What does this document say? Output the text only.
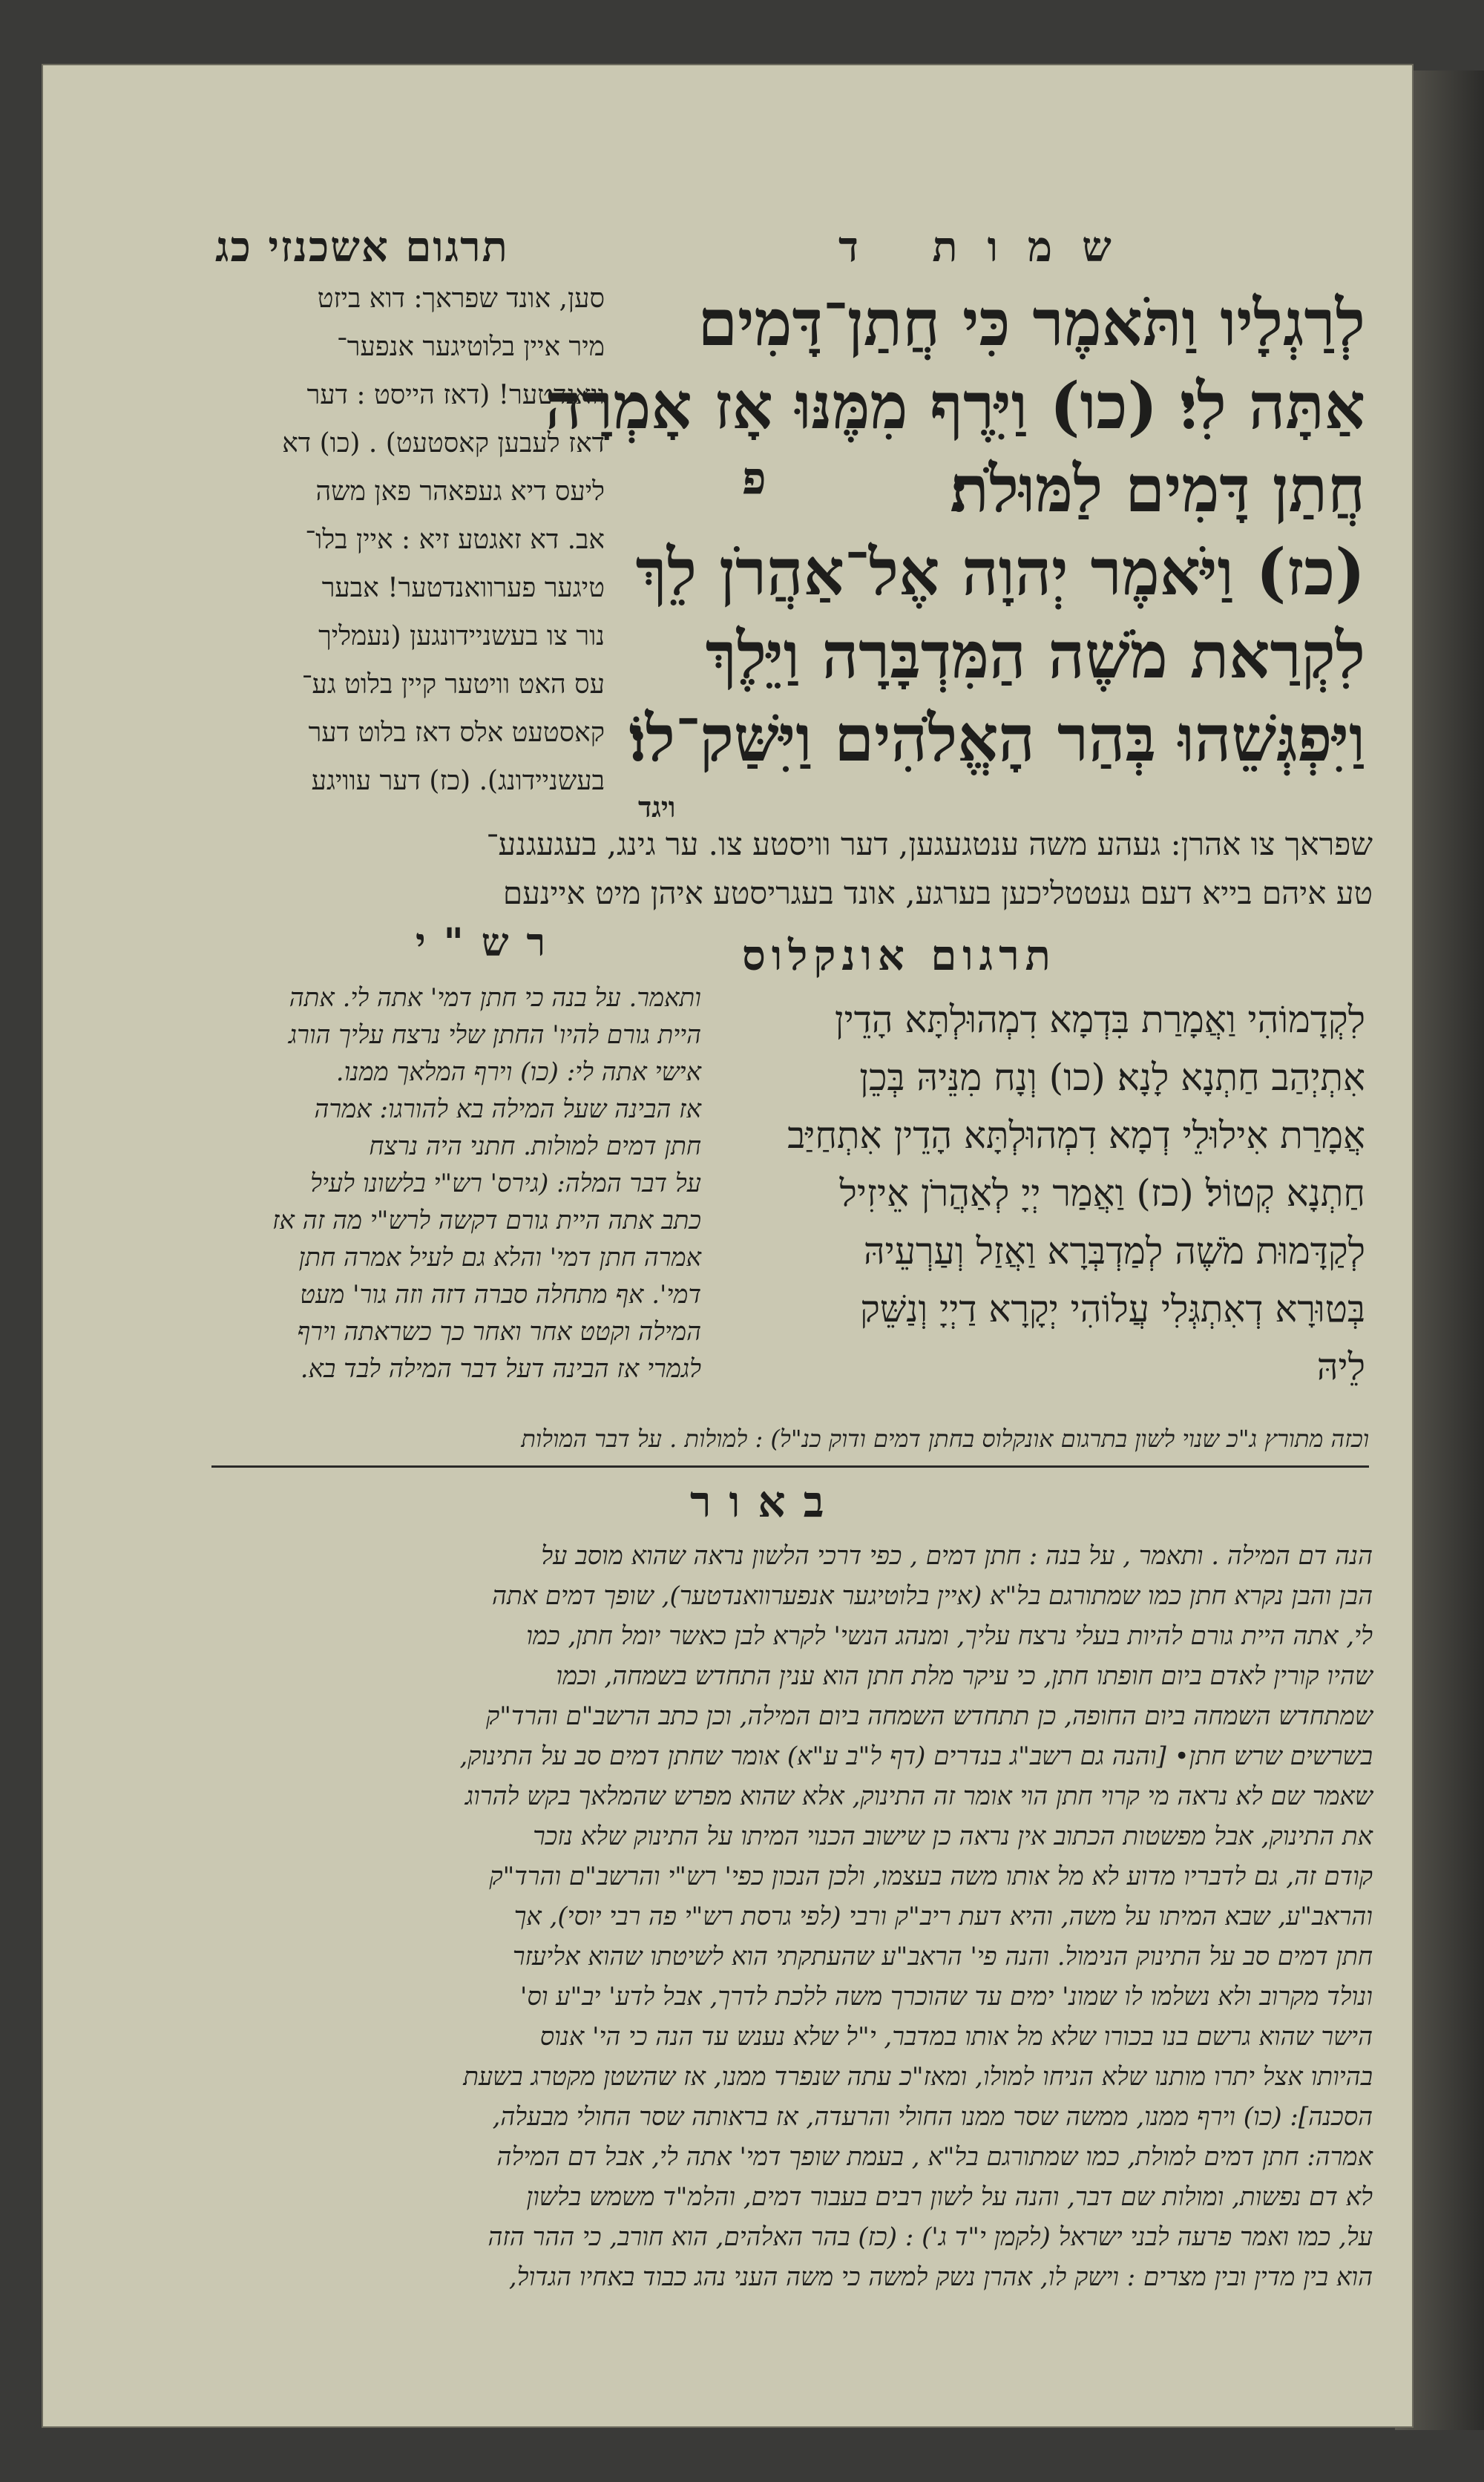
שמות ד
תרגום אשכנזי כג
לְרַגְלָיו וַתֹּאמֶר כִּי חֲתַן־דָּמִים
אַתָּה לִי׃ (כו) וַיִּרֶף מִמֶּנּוּ אָז אָמְרָה
חֲתַן דָּמִים לַמּוּלֹת׃
(כז) וַיֹּאמֶר יְהוָה אֶל־אַהֲרֹן לֵךְ
לִקְרַאת מֹשֶׁה הַמִּדְבָּרָה וַיֵּלֶךְ
וַיִּפְגְּשֵׁהוּ בְּהַר הָאֱלֹהִים וַיִּשַּׁק־לוֹ׃
פ
ויגד
סען, אונד שפראך: דוא ביזט
מיר איין בלוטיגער אנפער־
וואנדטער! (דאז הייסט : דער
דאז לעבען קאסטעט) . (כו) דא
ליעס דיא געפאהר פאן משה
אב. דא זאגטע זיא : איין בלו־
טיגער פערוואנדטער! אבער
נור צו בעשניידונגען (נעמליך
עס האט וויטער קיין בלוט גע־
קאסטעט אלס דאז בלוט דער
בעשניידונג). (כז) דער עוויגע
שפראך צו אהרן: געהע משה ענטגעגען, דער וויסטע צו. ער גינג, בעגעגנע־
טע איהם בייא דעם געטטליכען בערגע, אונד בעגריסטע איהן מיט איינעם
תרגום אונקלוס
לִקְדָמוֹהִי וַאֲמָרַת בִּדְמָא דִמְהוּלְתָּא הָדֵין
אִתְיְהַב חַתְנָא לָנָא׃ (כו) וְנָח מִנֵּיהּ בְּכֵן
אֲמָרַת אִילוּלֵי דְמָא דִמְהוּלְתָּא הָדֵין אִתְחַיַּב
חַתְנָא קְטוֹל׃ (כז) וַאֲמַר יְיָ לְאַהֲרֹן אֵיזִיל
לְקַדָּמוּת מֹשֶׁה לְמַדְבְּרָא וַאֲזַל וְעַרְעֵיהּ
בְּטוּרָא דְאִתְגְּלִי עֲלוֹהִי יְקָרָא דַיְיָ וְנַשֵּׁק
לֵיהּ
רש"י
ותאמר. על בנה כי חתן דמי' אתה לי. אתה
היית גורם להיו' החתן שלי נרצח עליך הורג
אישי אתה לי: (כו) וירף המלאך ממנו.
אז הבינה שעל המילה בא להורגו: אמרה
חתן דמים למולות. חתני היה נרצח
על דבר המלה: (גירס' רש"י בלשונו לעיל
כתב אתה היית גורם דקשה לרש"י מה זה אז
אמרה חתן דמי' והלא גם לעיל אמרה חתן
דמי'. אף מתחלה סברה דזה וזה גור' מעט
המילה וקטט אחר ואחר כך כשראתה וירף
לגמרי אז הבינה דעל דבר המילה לבד בא.
וכזה מתורץ ג"כ שנוי לשון בתרגום אונקלוס בחתן דמים ודוק כנ"ל) : למולות . על דבר המולות
באור
הנה דם המילה . ותאמר , על בנה : חתן דמים , כפי דרכי הלשון נראה שהוא מוסב על
הבן והבן נקרא חתן כמו שמתורגם בל"א (איין בלוטיגער אנפערוואנדטער), שופך דמים אתה
לי, אתה היית גורם להיות בעלי נרצח עליך, ומנהג הנשי' לקרא לבן כאשר יומל חתן, כמו
שהיו קורין לאדם ביום חופתו חתן, כי עיקר מלת חתן הוא ענין התחדש בשמחה, וכמו
שמתחדש השמחה ביום החופה, כן תתחדש השמחה ביום המילה, וכן כתב הרשב"ם והרד"ק
בשרשים שרש חתן• [והנה גם רשב"ג בנדרים (דף ל"ב ע"א) אומר שחתן דמים סב על התינוק,
שאמר שם לא נראה מי קרוי חתן הוי אומר זה התינוק, אלא שהוא מפרש שהמלאך בקש להרוג
את התינוק, אבל מפשטות הכתוב אין נראה כן שישוב הכנוי המיתו על התינוק שלא נזכר
קודם זה, גם לדבריו מדוע לא מל אותו משה בעצמו, ולכן הנכון כפי' רש"י והרשב"ם והרד"ק
והראב"ע, שבא המיתו על משה, והיא דעת ריב"ק ורבי (לפי גרסת רש"י פה רבי יוסי), אך
חתן דמים סב על התינוק הנימול. והנה פי' הראב"ע שהעתקתי הוא לשיטתו שהוא אליעזר
ונולד מקרוב ולא נשלמו לו שמונ' ימים עד שהוכרך משה ללכת לדרך, אבל לדע' יב"ע וס'
הישר שהוא גרשם בנו בכורו שלא מל אותו במדבר, י"ל שלא נענש עד הנה כי הי' אנוס
בהיותו אצל יתרו מותנו שלא הניחו למולו, ומאז"כ עתה שנפרד ממנו, אז שהשטן מקטרג בשעת
הסכנה]: (כו) וירף ממנו, ממשה שסר ממנו החולי והרעדה, אז בראותה שסר החולי מבעלה,
אמרה: חתן דמים למולת, כמו שמתורגם בל"א , בעמת שופך דמי' אתה לי, אבל דם המילה
לא דם נפשות, ומולות שם דבר, והנה על לשון רבים בעבור דמים, והלמ"ד משמש בלשון
על, כמו ואמר פרעה לבני ישראל (לקמן י"ד ג') : (כז) בהר האלהים, הוא חורב, כי ההר הזה
הוא בין מדין ובין מצרים : וישק לו, אהרן נשק למשה כי משה העני נהג כבוד באחיו הגדול,
